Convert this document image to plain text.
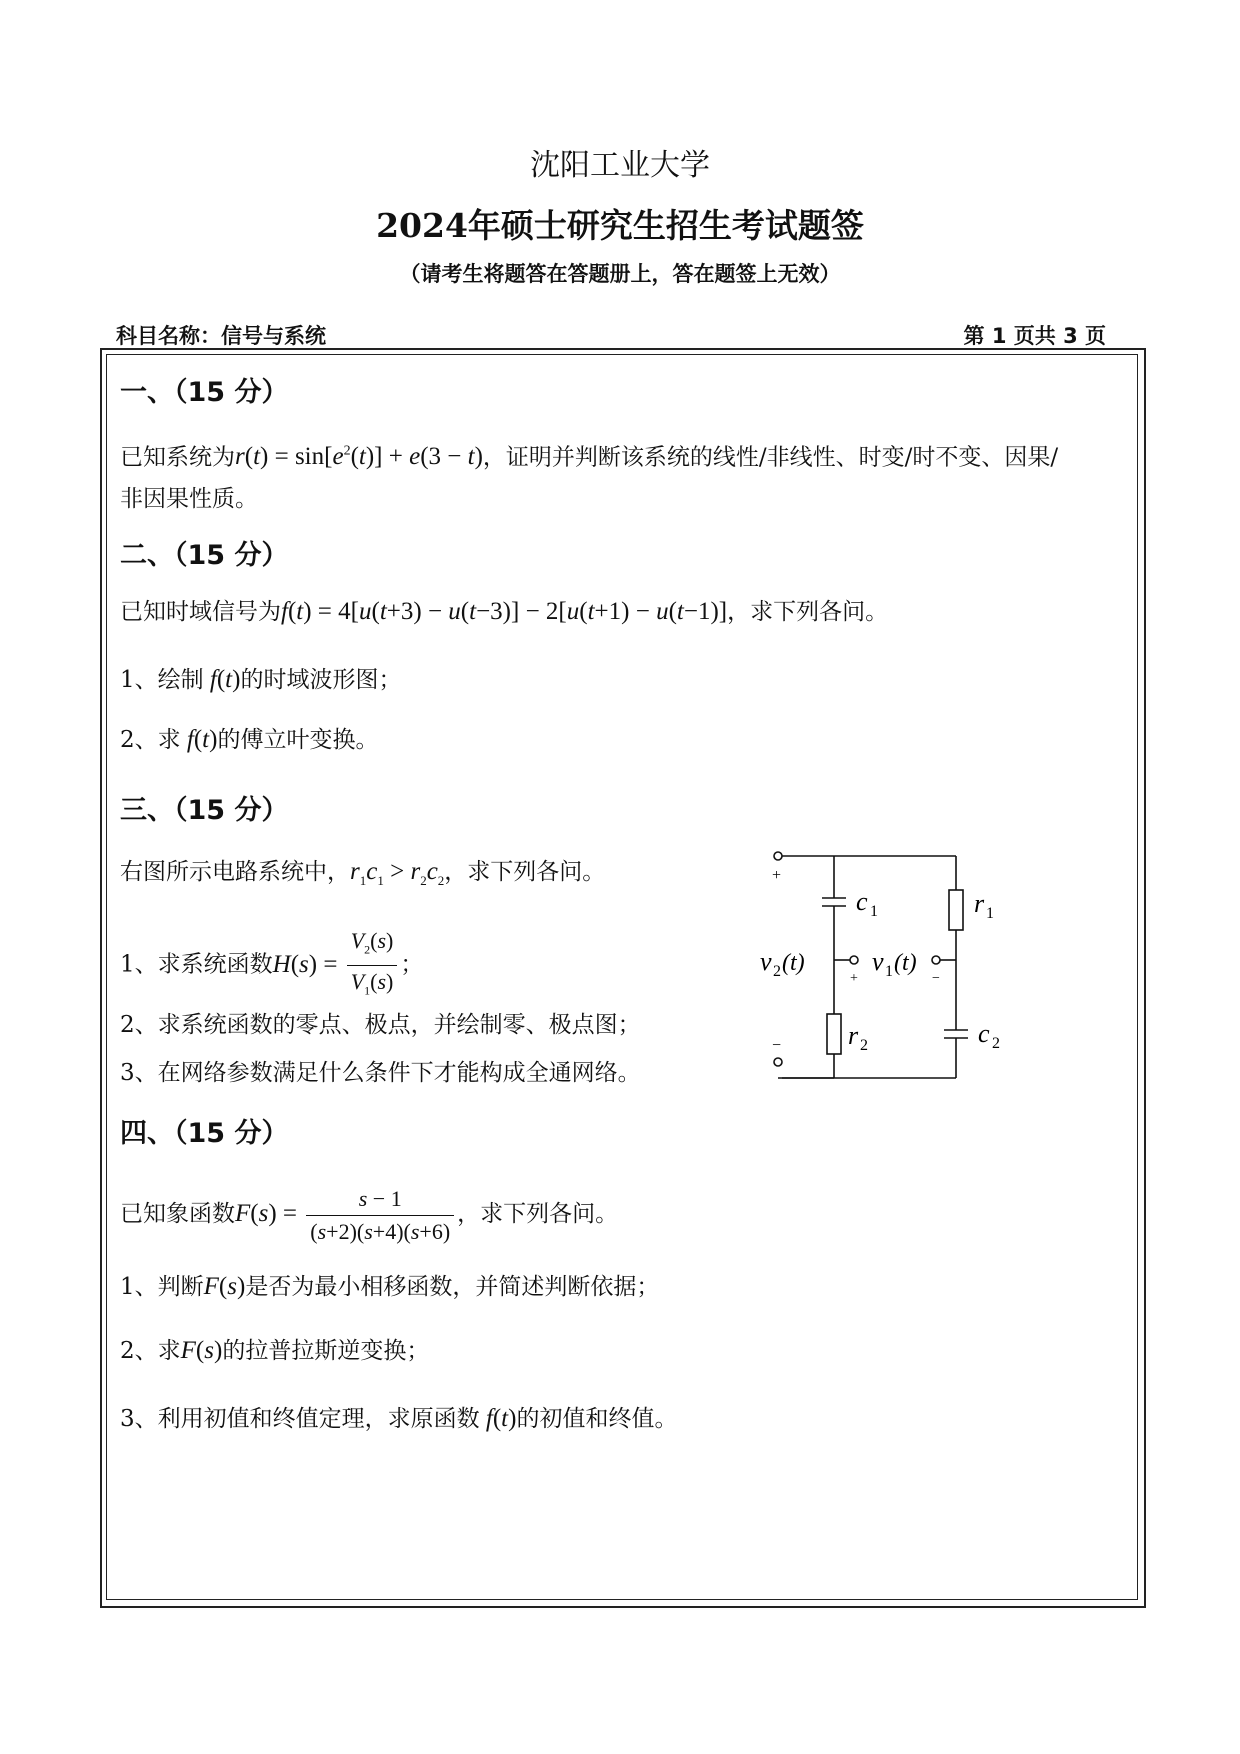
沈阳工业大学
2024年硕士研究生招生考试题签
（请考生将题答在答题册上，答在题签上无效）
科目名称：信号与系统	第 1 页共 3 页
一、（15 分）
已知系统为$r(t) = \sin[e^2(t)] + e(3 - t)$，证明并判断该系统的线性/非线性、时变/时不变、因果/
非因果性质。
二、（15 分）
已知时域信号为f(t) = 4[u(t+3) − u(t−3)] − 2[u(t+1) − u(t−1)]，求下列各问。
1、绘制 f(t)的时域波形图；
2、求 f(t)的傅立叶变换。
三、（15 分）
右图所示电路系统中，$r_1c_1 > r_2c_2$，求下列各问。
1、求系统函数$H(s) = \frac{V_2(s)}{V_1(s)}$ ；
2、求系统函数的零点、极点，并绘制零、极点图；
3、在网络参数满足什么条件下才能构成全通网络。
+
−
+	−
c 1	r 1
r 2	c 2
v 2 (t)	v 1 (t)
四、（15 分）
已知象函数$F(s) = \frac{s - 1}{(s+2)(s+4)(s+6)}$ ，求下列各问。
1、判断F(s)是否为最小相移函数，并简述判断依据；
2、求F(s)的拉普拉斯逆变换；
3、利用初值和终值定理，求原函数 f(t)的初值和终值。
